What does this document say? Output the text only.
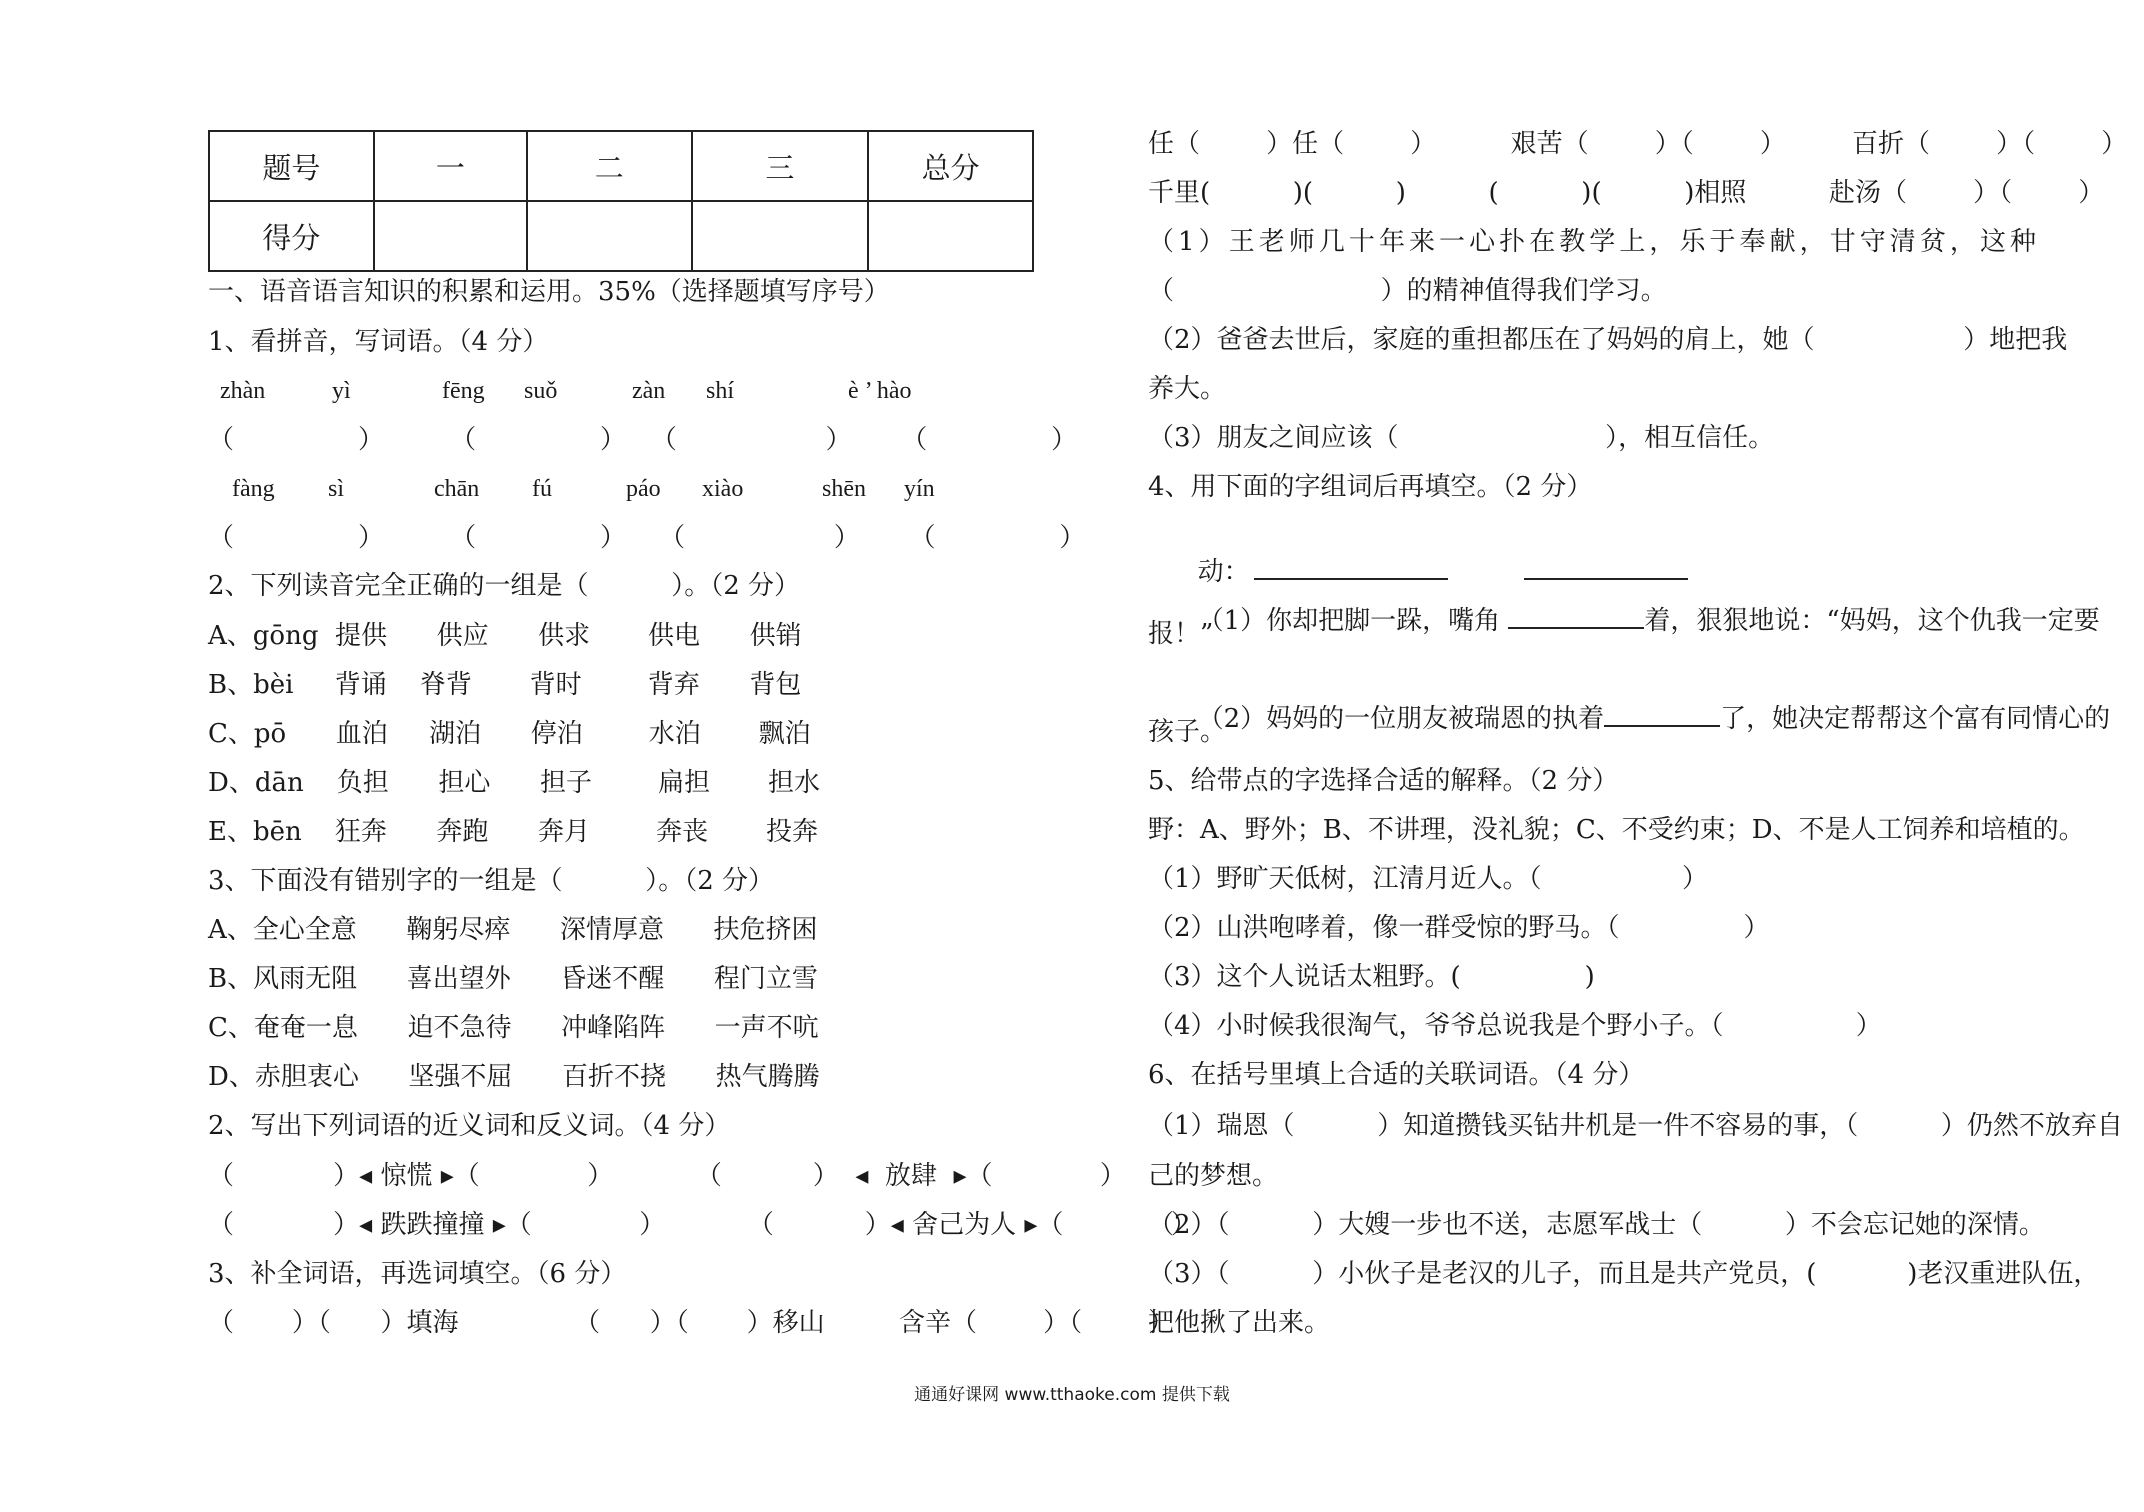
题号	一	二	三	总分
得分				
一、语音语言知识的积累和运用。35%（选择题填写序号）
1、看拼音，写词语。（4 分）
zhàn	yì	fēng suǒ	zàn shí	è ’ hào
（               ）        （               ）   （                  ）      （               ）
fàng sì	chān fú	páo xiào	shēn yín
（               ）        （               ）    （                  ）      （               ）
2、下列读音完全正确的一组是（          ）。（2 分）
A、gōng  提供      供应      供求       供电      供销
B、bèi     背诵    脊背       背时        背弃      背包
C、pō      血泊     湖泊      停泊        水泊       飘泊
D、dān    负担      担心      担子        扁担       担水
E、bēn    狂奔      奔跑      奔月        奔丧       投奔
3、下面没有错别字的一组是（          ）。（2 分）
A、全心全意      鞠躬尽瘁      深情厚意      扶危挤困
B、风雨无阻      喜出望外      昏迷不醒      程门立雪
C、奄奄一息      迫不急待      冲峰陷阵      一声不吭
D、赤胆衷心      坚强不屈      百折不挠      热气腾腾
2、写出下列词语的近义词和反义词。（4 分）
（            ）◂ 惊慌 ▸（             ）          （           ）  ◂  放肆  ▸（             ）
（            ）◂ 跌跌撞撞 ▸（             ）          （           ）◂ 舍己为人 ▸（             ）
3、补全词语，再选词填空。（6 分）
（       ）（      ）填海              （      ）（       ）移山         含辛（        ）（        ）
任（        ）任（        ）         艰苦（        ）（        ）        百折（        ）（        ）
千里(          )(          )          (          )(          )相照          赴汤（        ）（        ）
（1）王老师几十年来一心扑在教学上，乐于奉献，甘守清贫，这种
（                         ）的精神值得我们学习。
（2）爸爸去世后，家庭的重担都压在了妈妈的肩上，她（                  ）地把我
养大。
（3）朋友之间应该（                         ），相互信任。
4、用下面的字组词后再填空。（2 分）

动：

（1）你却把脚一跺，嘴角	着，狠狠地说：“妈妈，这个仇我一定要

报！”

（2）妈妈的一位朋友被瑞恩的执着	了，她决定帮帮这个富有同情心的

孩子。
5、给带点的字选择合适的解释。（2 分）
野：A、野外；B、不讲理，没礼貌；C、不受约束；D、不是人工饲养和培植的。
（1）野旷天低树，江清月近人。（                 ）
（2）山洪咆哮着，像一群受惊的野马。（               ）
（3）这个人说话太粗野。(               )
（4）小时候我很淘气，爷爷总说我是个野小子。（                ）
6、在括号里填上合适的关联词语。（4 分）
（1）瑞恩（          ）知道攒钱买钻井机是一件不容易的事，（          ）仍然不放弃自
己的梦想。
（2）（          ）大嫂一步也不送，志愿军战士（          ）不会忘记她的深情。
（3）（          ）小伙子是老汉的儿子，而且是共产党员，(           )老汉重进队伍，
把他揪了出来。
通通好课网 www.tthaoke.com 提供下载
